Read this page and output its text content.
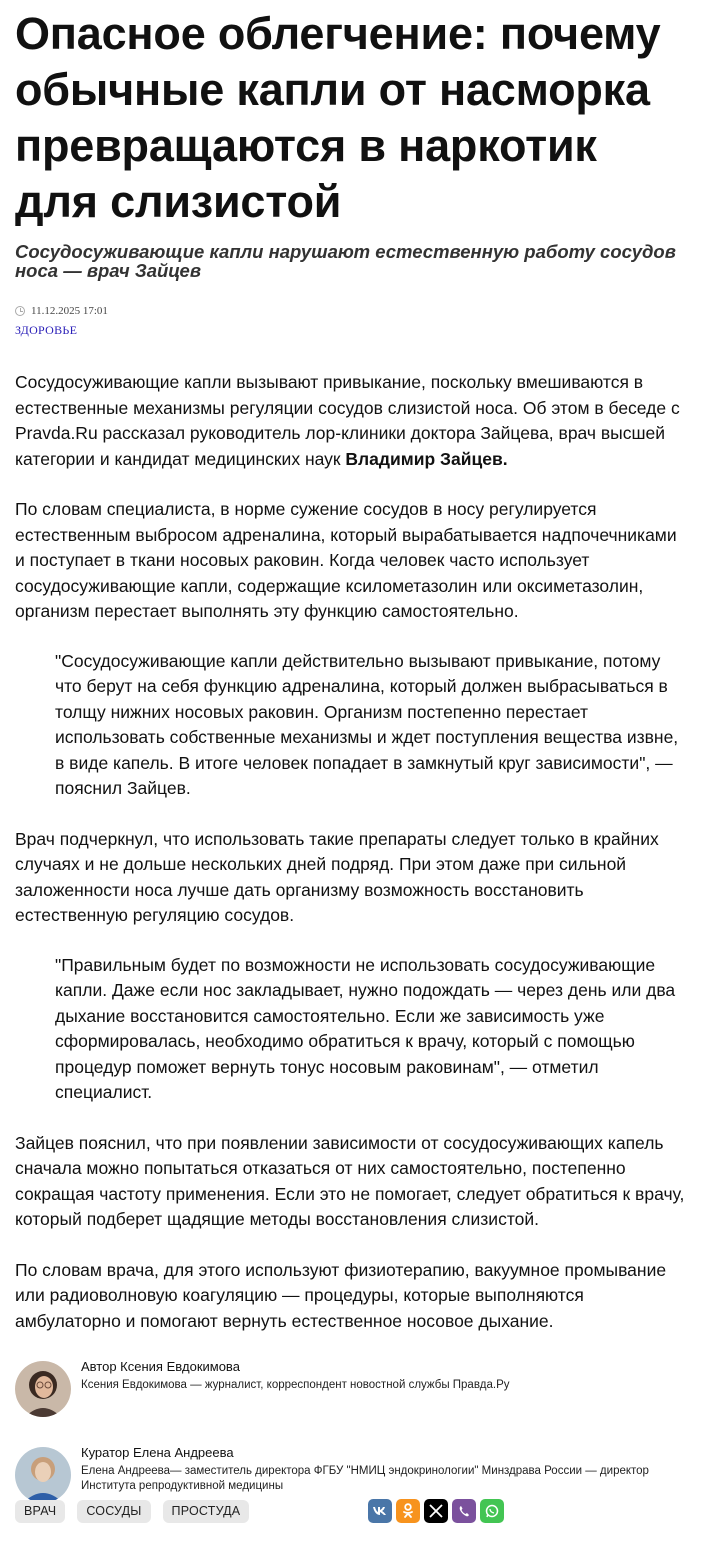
Опасное облегчение: почему обычные капли от насморка превращаются в наркотик для слизистой
Сосудосуживающие капли нарушают естественную работу сосудов носа — врач Зайцев
11.12.2025 17:01
ЗДОРОВЬЕ

Сосудосуживающие капли вызывают привыкание, поскольку вмешиваются в естественные механизмы регуляции сосудов слизистой носа. Об этом в беседе с Pravda.Ru рассказал руководитель лор-клиники доктора Зайцева, врач высшей категории и кандидат медицинских наук Владимир Зайцев.

По словам специалиста, в норме сужение сосудов в носу регулируется естественным выбросом адреналина, который вырабатывается надпочечниками и поступает в ткани носовых раковин. Когда человек часто использует сосудосуживающие капли, содержащие ксилометазолин или оксиметазолин, организм перестает выполнять эту функцию самостоятельно.

"Сосудосуживающие капли действительно вызывают привыкание, потому что берут на себя функцию адреналина, который должен выбрасываться в толщу нижних носовых раковин. Организм постепенно перестает использовать собственные механизмы и ждет поступления вещества извне, в виде капель. В итоге человек попадает в замкнутый круг зависимости", — пояснил Зайцев.

Врач подчеркнул, что использовать такие препараты следует только в крайних случаях и не дольше нескольких дней подряд. При этом даже при сильной заложенности носа лучше дать организму возможность восстановить естественную регуляцию сосудов.

"Правильным будет по возможности не использовать сосудосуживающие капли. Даже если нос закладывает, нужно подождать — через день или два дыхание восстановится самостоятельно. Если же зависимость уже сформировалась, необходимо обратиться к врачу, который с помощью процедур поможет вернуть тонус носовым раковинам", — отметил специалист.

Зайцев пояснил, что при появлении зависимости от сосудосуживающих капель сначала можно попытаться отказаться от них самостоятельно, постепенно сокращая частоту применения. Если это не помогает, следует обратиться к врачу, который подберет щадящие методы восстановления слизистой.

По словам врача, для этого используют физиотерапию, вакуумное промывание или радиоволновую коагуляцию — процедуры, которые выполняются амбулаторно и помогают вернуть естественное носовое дыхание.

Автор Ксения Евдокимова
Ксения Евдокимова — журналист, корреспондент новостной службы Правда.Ру
Куратор Елена Андреева
Елена Андреева— заместитель директора ФГБУ "НМИЦ эндокринологии" Минздрава России — директор Института репродуктивной медицины
ВРАЧ	СОСУДЫ	ПРОСТУДА
